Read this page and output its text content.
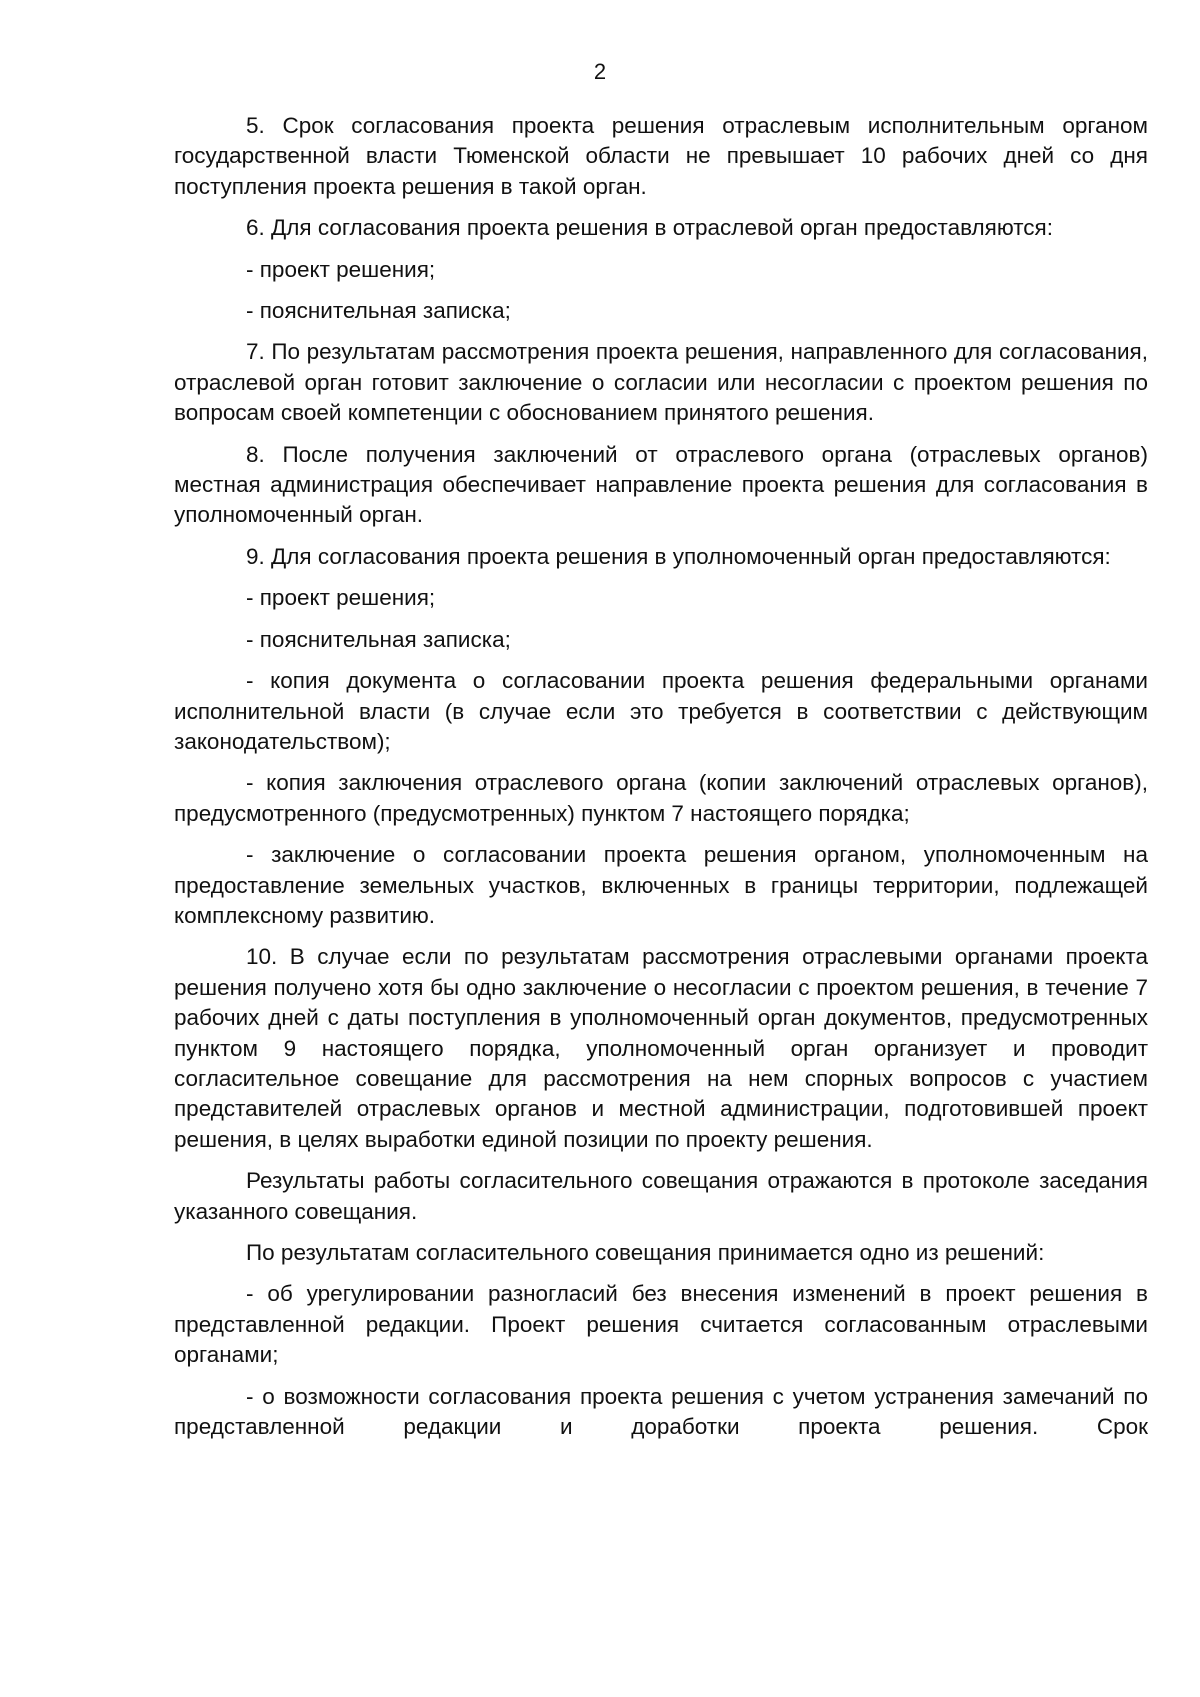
2

5. Срок согласования проекта решения отраслевым исполнительным органом государственной власти Тюменской области не превышает 10 рабочих дней со дня поступления проекта решения в такой орган.

6. Для согласования проекта решения в отраслевой орган предоставляются:

- проект решения;

- пояснительная записка;

7. По результатам рассмотрения проекта решения, направленного для согласования, отраслевой орган готовит заключение о согласии или несогласии с проектом решения по вопросам своей компетенции с обоснованием принятого решения.

8. После получения заключений от отраслевого органа (отраслевых органов) местная администрация обеспечивает направление проекта решения для согласования в уполномоченный орган.

9. Для согласования проекта решения в уполномоченный орган предоставляются:

- проект решения;

- пояснительная записка;

- копия документа о согласовании проекта решения федеральными органами исполнительной власти (в случае если это требуется в соответствии с действующим законодательством);

- копия заключения отраслевого органа (копии заключений отраслевых органов), предусмотренного (предусмотренных) пунктом 7 настоящего порядка;

- заключение о согласовании проекта решения органом, уполномоченным на предоставление земельных участков, включенных в границы территории, подлежащей комплексному развитию.

10. В случае если по результатам рассмотрения отраслевыми органами проекта решения получено хотя бы одно заключение о несогласии с проектом решения, в течение 7 рабочих дней с даты поступления в уполномоченный орган документов, предусмотренных пунктом 9 настоящего порядка, уполномоченный орган организует и проводит согласительное совещание для рассмотрения на нем спорных вопросов с участием представителей отраслевых органов и местной администрации, подготовившей проект решения, в целях выработки единой позиции по проекту решения.

Результаты работы согласительного совещания отражаются в протоколе заседания указанного совещания.

По результатам согласительного совещания принимается одно из решений:

- об урегулировании разногласий без внесения изменений в проект решения в представленной редакции. Проект решения считается согласованным отраслевыми органами;

- о возможности согласования проекта решения с учетом устранения замечаний по представленной редакции и доработки проекта решения. Срок
